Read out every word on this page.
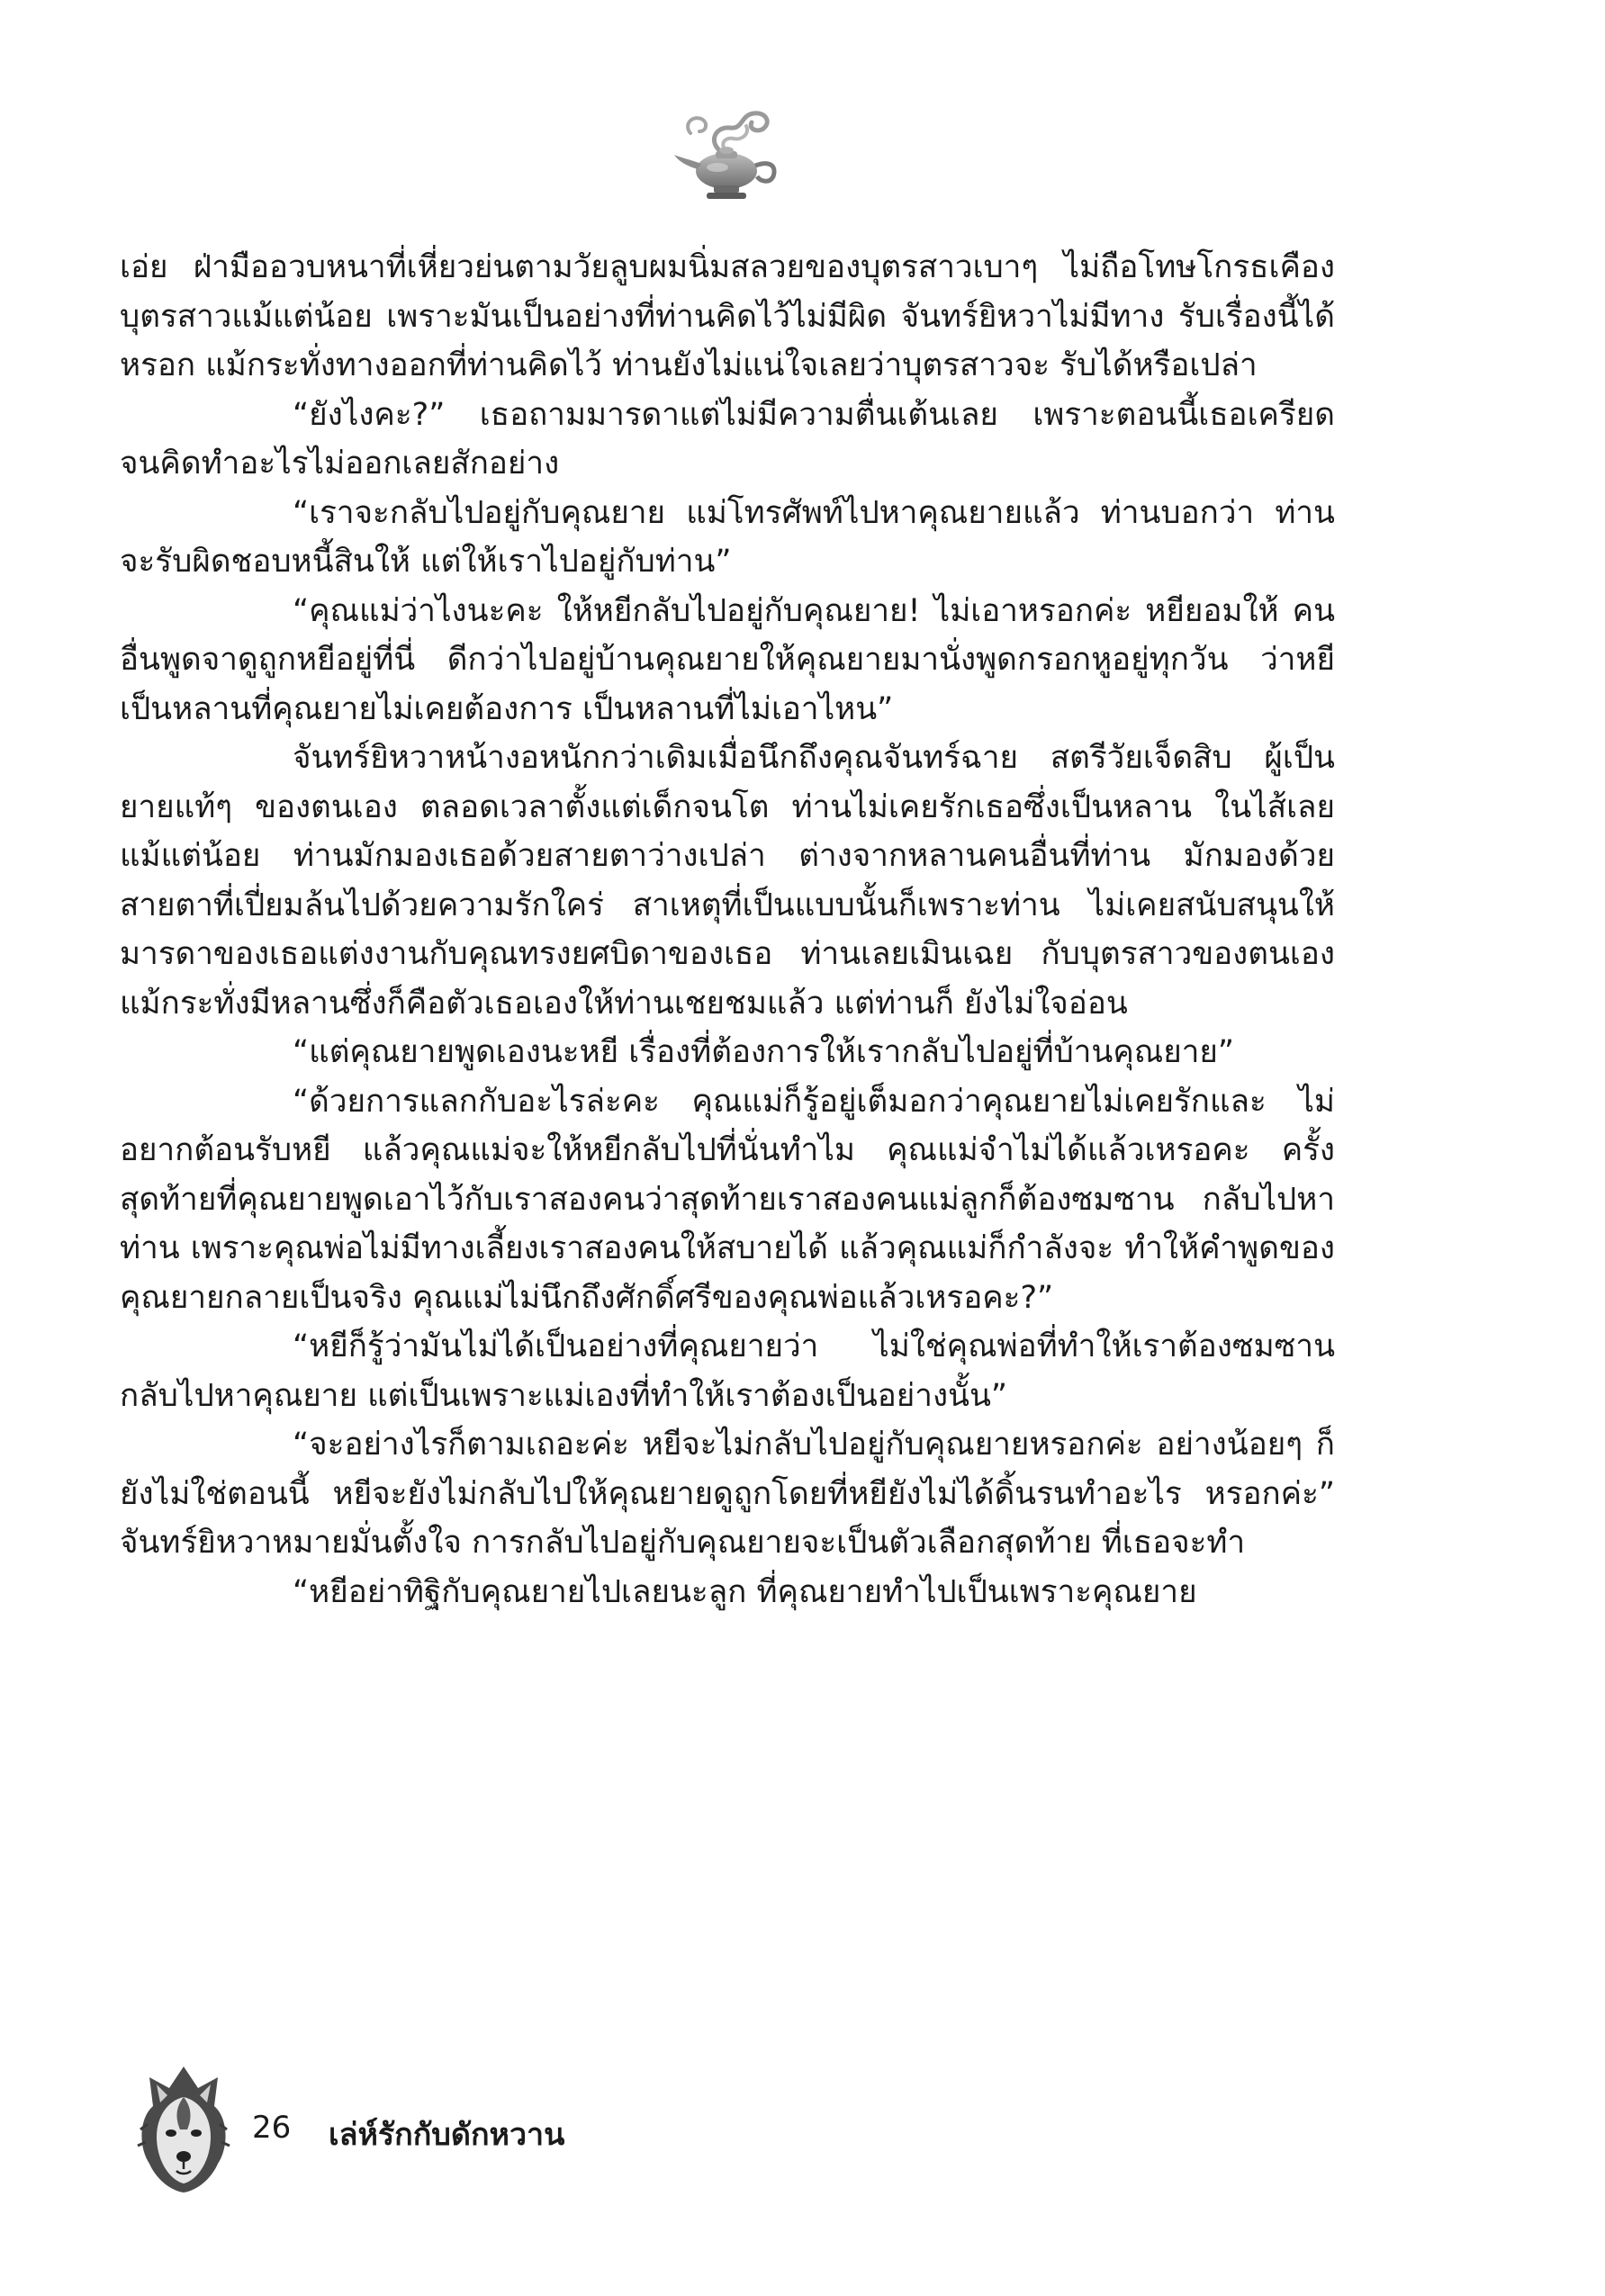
เอ่ย ฝ่ามืออวบหนาที่เหี่ยวย่นตามวัยลูบผมนิ่มสลวยของบุตรสาวเบาๆ ไม่ถือโทษโกรธเคือง บุตรสาวแม้แต่น้อย เพราะมันเป็นอย่างที่ท่านคิดไว้ไม่มีผิด จันทร์ยิหวาไม่มีทาง รับเรื่องนี้ได้หรอก แม้กระทั่งทางออกที่ท่านคิดไว้ ท่านยังไม่แน่ใจเลยว่าบุตรสาวจะ รับได้หรือเปล่า

“ยังไงคะ?” เธอถามมารดาแต่ไม่มีความตื่นเต้นเลย เพราะตอนนี้เธอเครียด จนคิดทำอะไรไม่ออกเลยสักอย่าง

“เราจะกลับไปอยู่กับคุณยาย แม่โทรศัพท์ไปหาคุณยายแล้ว ท่านบอกว่า ท่านจะรับผิดชอบหนี้สินให้ แต่ให้เราไปอยู่กับท่าน”

“คุณแม่ว่าไงนะคะ ให้หยีกลับไปอยู่กับคุณยาย! ไม่เอาหรอกค่ะ หยียอมให้ คนอื่นพูดจาดูถูกหยีอยู่ที่นี่ ดีกว่าไปอยู่บ้านคุณยายให้คุณยายมานั่งพูดกรอกหูอยู่ทุกวัน ว่าหยีเป็นหลานที่คุณยายไม่เคยต้องการ เป็นหลานที่ไม่เอาไหน”

จันทร์ยิหวาหน้างอหนักกว่าเดิมเมื่อนึกถึงคุณจันทร์ฉาย สตรีวัยเจ็ดสิบ ผู้เป็นยายแท้ๆ ของตนเอง ตลอดเวลาตั้งแต่เด็กจนโต ท่านไม่เคยรักเธอซึ่งเป็นหลาน ในไส้เลยแม้แต่น้อย ท่านมักมองเธอด้วยสายตาว่างเปล่า ต่างจากหลานคนอื่นที่ท่าน มักมองด้วยสายตาที่เปี่ยมล้นไปด้วยความรักใคร่ สาเหตุที่เป็นแบบนั้นก็เพราะท่าน ไม่เคยสนับสนุนให้มารดาของเธอแต่งงานกับคุณทรงยศบิดาของเธอ ท่านเลยเมินเฉย กับบุตรสาวของตนเอง แม้กระทั่งมีหลานซึ่งก็คือตัวเธอเองให้ท่านเชยชมแล้ว แต่ท่านก็ ยังไม่ใจอ่อน

“แต่คุณยายพูดเองนะหยี เรื่องที่ต้องการให้เรากลับไปอยู่ที่บ้านคุณยาย”

“ด้วยการแลกกับอะไรล่ะคะ คุณแม่ก็รู้อยู่เต็มอกว่าคุณยายไม่เคยรักและ ไม่อยากต้อนรับหยี แล้วคุณแม่จะให้หยีกลับไปที่นั่นทำไม คุณแม่จำไม่ได้แล้วเหรอคะ ครั้งสุดท้ายที่คุณยายพูดเอาไว้กับเราสองคนว่าสุดท้ายเราสองคนแม่ลูกก็ต้องซมซาน กลับไปหาท่าน เพราะคุณพ่อไม่มีทางเลี้ยงเราสองคนให้สบายได้ แล้วคุณแม่ก็กำลังจะ ทำให้คำพูดของคุณยายกลายเป็นจริง คุณแม่ไม่นึกถึงศักดิ์ศรีของคุณพ่อแล้วเหรอคะ?”

“หยีก็รู้ว่ามันไม่ได้เป็นอย่างที่คุณยายว่า ไม่ใช่คุณพ่อที่ทำให้เราต้องซมซาน กลับไปหาคุณยาย แต่เป็นเพราะแม่เองที่ทำให้เราต้องเป็นอย่างนั้น”

“จะอย่างไรก็ตามเถอะค่ะ หยีจะไม่กลับไปอยู่กับคุณยายหรอกค่ะ อย่างน้อยๆ ก็ยังไม่ใช่ตอนนี้ หยีจะยังไม่กลับไปให้คุณยายดูถูกโดยที่หยียังไม่ได้ดิ้นรนทำอะไร หรอกค่ะ” จันทร์ยิหวาหมายมั่นตั้งใจ การกลับไปอยู่กับคุณยายจะเป็นตัวเลือกสุดท้าย ที่เธอจะทำ

“หยีอย่าทิฐิกับคุณยายไปเลยนะลูก ที่คุณยายทำไปเป็นเพราะคุณยาย

26 เล่ห์รักกับดักหวาน
